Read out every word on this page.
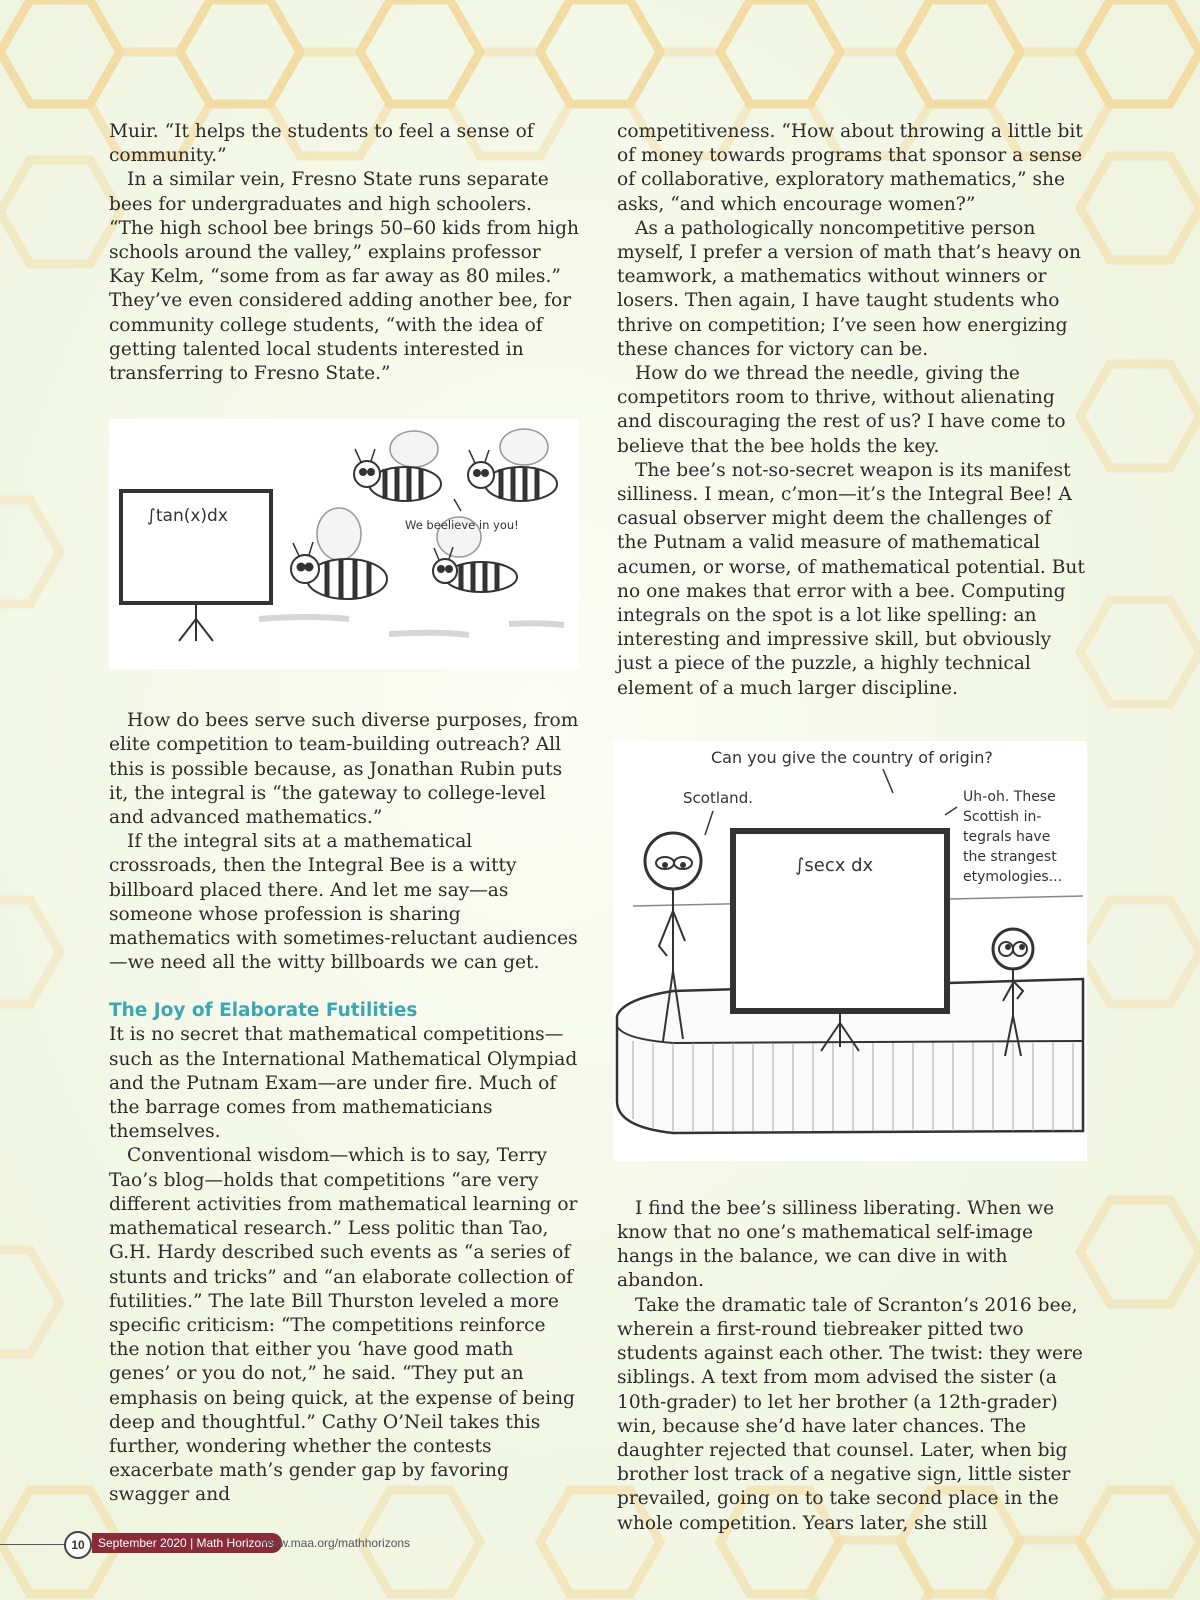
Muir. “It helps the students to feel a sense of community.”

In a similar vein, Fresno State runs separate bees for undergraduates and high schoolers. “The high school bee brings 50–60 kids from high schools around the valley,” explains professor Kay Kelm, “some from as far away as 80 miles.” They’ve even considered adding another bee, for community college students, “with the idea of getting talented local students interested in transferring to Fresno State.”

∫tan(x)dx	We beelieve in you!

How do bees serve such diverse purposes, from elite competition to team-building outreach? All this is possible because, as Jonathan Rubin puts it, the integral is “the gateway to college-level and advanced mathematics.”

If the integral sits at a mathematical crossroads, then the Integral Bee is a witty billboard placed there. And let me say—as someone whose profession is sharing mathematics with sometimes-reluctant audiences—we need all the witty billboards we can get.

The Joy of Elaborate Futilities

It is no secret that mathematical competitions—such as the International Mathematical Olympiad and the Putnam Exam—are under fire. Much of the barrage comes from mathematicians themselves.

Conventional wisdom—which is to say, Terry Tao’s blog—holds that competitions “are very different activities from mathematical learning or mathematical research.” Less politic than Tao, G.H. Hardy described such events as “a series of stunts and tricks” and “an elaborate collection of futilities.” The late Bill Thurston leveled a more specific criticism: “The competitions reinforce the notion that either you ‘have good math genes’ or you do not,” he said. “They put an emphasis on being quick, at the expense of being deep and thoughtful.” Cathy O’Neil takes this further, wondering whether the contests exacerbate math’s gender gap by favoring swagger and

competitiveness. “How about throwing a little bit of money towards programs that sponsor a sense of collaborative, exploratory mathematics,” she asks, “and which encourage women?”

As a pathologically noncompetitive person myself, I prefer a version of math that’s heavy on teamwork, a mathematics without winners or losers. Then again, I have taught students who thrive on competition; I’ve seen how energizing these chances for victory can be.

How do we thread the needle, giving the competitors room to thrive, without alienating and discouraging the rest of us? I have come to believe that the bee holds the key.

The bee’s not-so-secret weapon is its manifest silliness. I mean, c’mon—it’s the Integral Bee! A casual observer might deem the challenges of the Putnam a valid measure of mathematical acumen, or worse, of mathematical potential. But no one makes that error with a bee. Computing integrals on the spot is a lot like spelling: an interesting and impressive skill, but obviously just a piece of the puzzle, a highly technical element of a much larger discipline.

Can you give the country of origin?
Scotland.	Uh-oh. These
Scottish in-
tegrals have
the strangest
etymologies...
∫secx dx

I find the bee’s silliness liberating. When we know that no one’s mathematical self-image hangs in the balance, we can dive in with abandon.

Take the dramatic tale of Scranton’s 2016 bee, wherein a first-round tiebreaker pitted two students against each other. The twist: they were siblings. A text from mom advised the sister (a 10th-grader) to let her brother (a 12th-grader) win, because she’d have later chances. The daughter rejected that counsel. Later, when big brother lost track of a negative sign, little sister prevailed, going on to take second place in the whole competition. Years later, she still

10	September 2020 | Math Horizons
www.maa.org/mathhorizons
